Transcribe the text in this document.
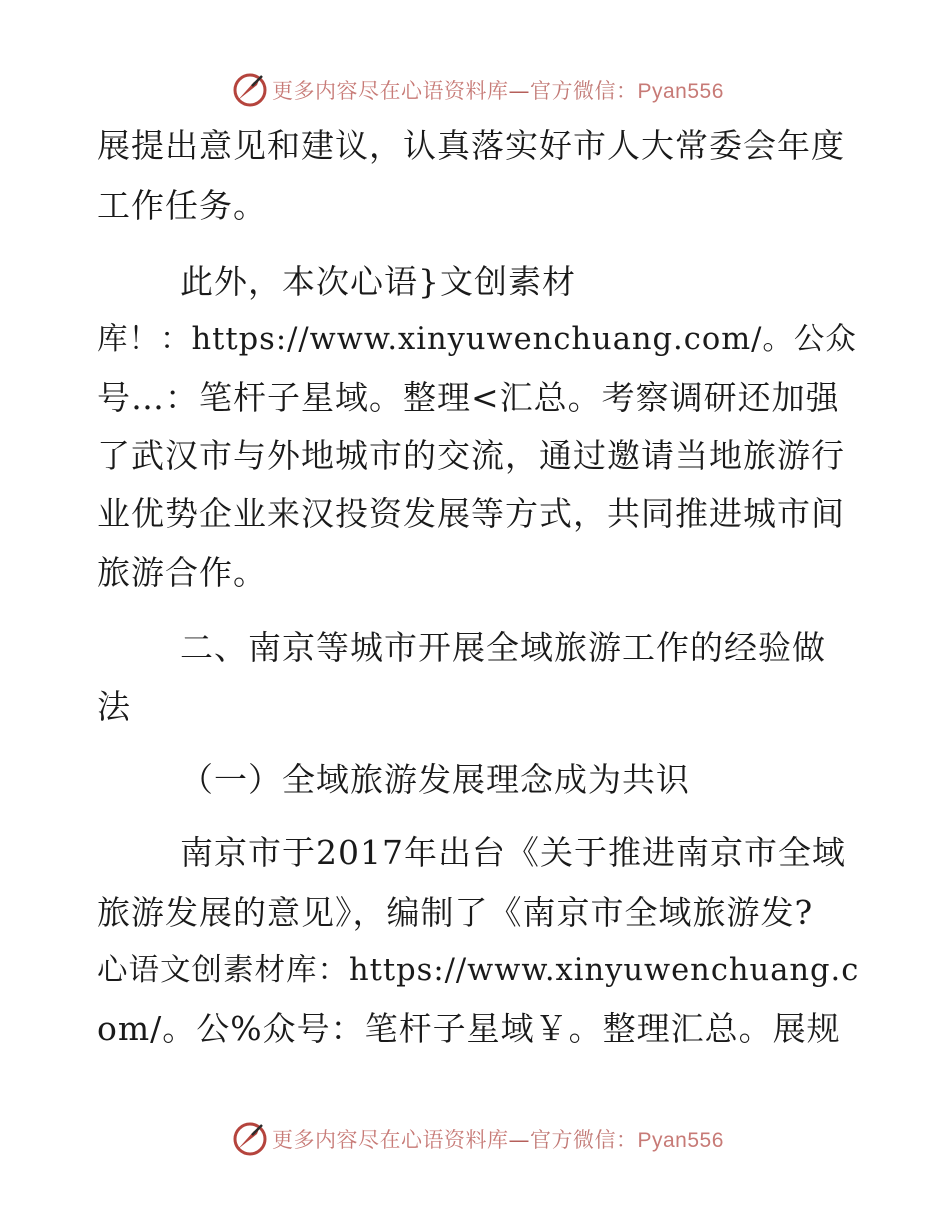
更多内容尽在心语资料库—官方微信：Pyan556
展提出意见和建议，认真落实好市人大常委会年度
工作任务。
此外，本次心语}文创素材
库！：https://www.xinyuwenchuang.com/。公众
号…：笔杆子星域。整理<汇总。考察调研还加强
了武汉市与外地城市的交流，通过邀请当地旅游行
业优势企业来汉投资发展等方式，共同推进城市间
旅游合作。
二、南京等城市开展全域旅游工作的经验做
法
（一）全域旅游发展理念成为共识
南京市于2017年出台《关于推进南京市全域
旅游发展的意见》，编制了《南京市全域旅游发?
心语文创素材库：https://www.xinyuwenchuang.c
om/。公%众号：笔杆子星域￥。整理汇总。展规
更多内容尽在心语资料库—官方微信：Pyan556
